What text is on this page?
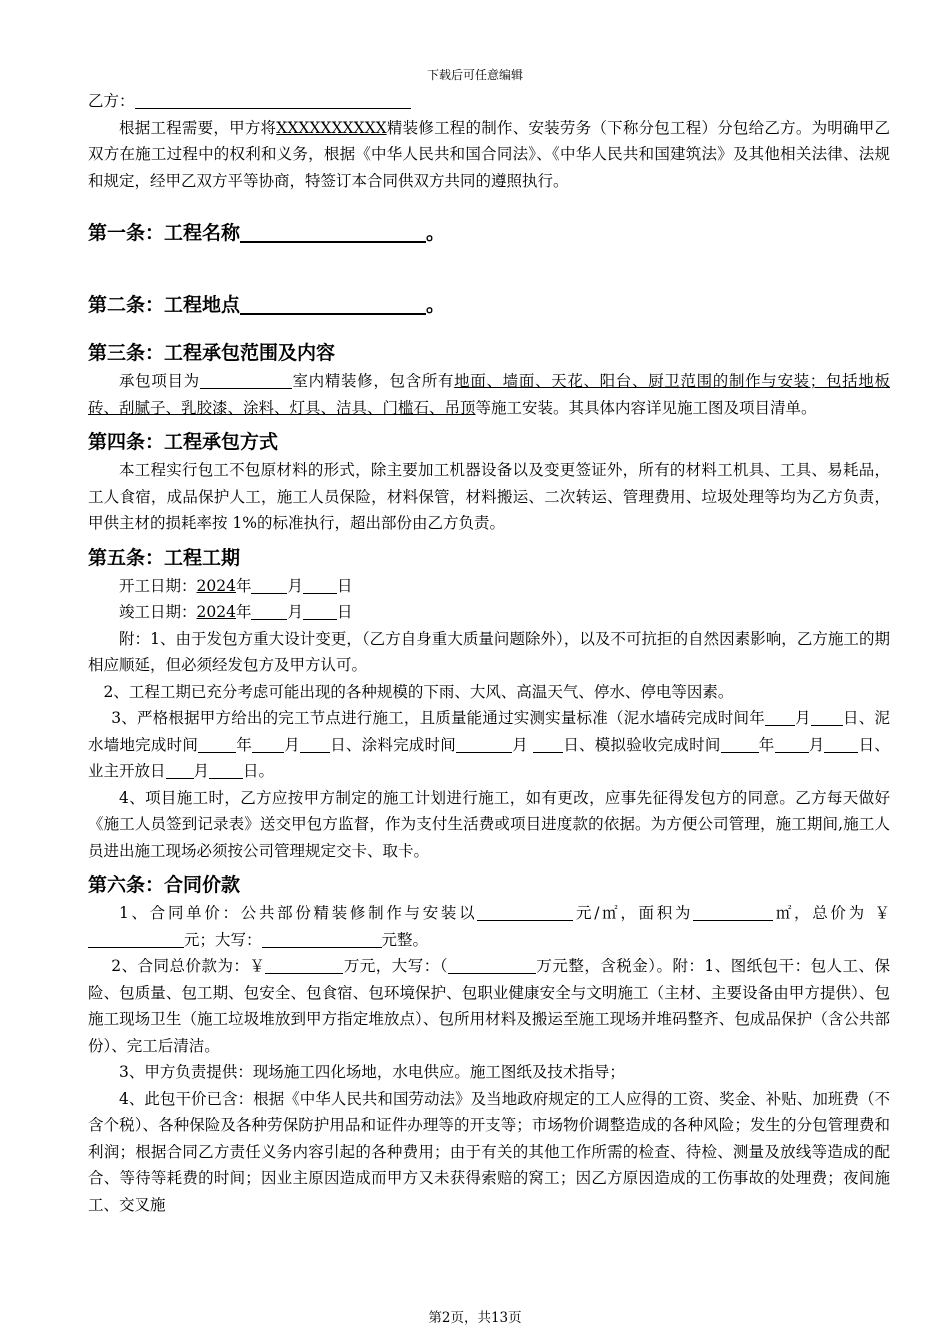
下载后可任意编辑

乙方：

根据工程需要，甲方将XXXXXXXXXX精装修工程的制作、安装劳务（下称分包工程）分包给乙方。为明确甲乙双方在施工过程中的权利和义务，根据《中华人民共和国合同法》、《中华人民共和国建筑法》及其他相关法律、法规和规定，经甲乙双方平等协商，特签订本合同供双方共同的遵照执行。

第一条：工程名称	。
第二条：工程地点	。
第三条：工程承包范围及内容

承包项目为	室内精装修，包含所有地面、墙面、天花、阳台、厨卫范围的制作与安装；包括地板砖、刮腻子、乳胶漆、涂料、灯具、洁具、门槛石、吊顶等施工安装。其具体内容详见施工图及项目清单。

第四条：工程承包方式

本工程实行包工不包原材料的形式，除主要加工机器设备以及变更签证外，所有的材料工机具、工具、易耗品，工人食宿，成品保护人工，施工人员保险，材料保管，材料搬运、二次转运、管理费用、垃圾处理等均为乙方负责，甲供主材的损耗率按 1%的标准执行，超出部份由乙方负责。

第五条：工程工期

开工日期：2024年 月 日

竣工日期：2024年 月 日

附：1、由于发包方重大设计变更，（乙方自身重大质量问题除外），以及不可抗拒的自然因素影响，乙方施工的期相应顺延，但必须经发包方及甲方认可。

2、工程工期已充分考虑可能出现的各种规模的下雨、大风、高温天气、停水、停电等因素。

3、严格根据甲方给出的完工节点进行施工，且质量能通过实测实量标准（泥水墙砖完成时间年 月 日、泥水墙地完成时间 年 月 日、涂料完成时间	月 日、模拟验收完成时间 年 月 日、业主开放日 月 日。

4、项目施工时，乙方应按甲方制定的施工计划进行施工，如有更改，应事先征得发包方的同意。乙方每天做好《施工人员签到记录表》送交甲包方监督，作为支付生活费或项目进度款的依据。为方便公司管理，施工期间,施工人员进出施工现场必须按公司管理规定交卡、取卡。

第六条：合同价款

1、合同单价：公共部份精装修制作与安装以	元/㎡，面积为	㎡，总价为 ￥元；大写：	元整。

2、合同总价款为：￥	万元，大写：（	万元整，含税金）。附：1、图纸包干：包人工、保险、包质量、包工期、包安全、包食宿、包环境保护、包职业健康安全与文明施工（主材、主要设备由甲方提供）、包施工现场卫生（施工垃圾堆放到甲方指定堆放点）、包所用材料及搬运至施工现场并堆码整齐、包成品保护（含公共部份）、完工后清洁。

3、甲方负责提供：现场施工四化场地，水电供应。施工图纸及技术指导；

4、此包干价已含：根据《中华人民共和国劳动法》及当地政府规定的工人应得的工资、奖金、补贴、加班费（不含个税）、各种保险及各种劳保防护用品和证件办理等的开支等；市场物价调整造成的各种风险；发生的分包管理费和利润；根据合同乙方责任义务内容引起的各种费用；由于有关的其他工作所需的检查、待检、测量及放线等造成的配合、等待等耗费的时间；因业主原因造成而甲方又未获得索赔的窝工；因乙方原因造成的工伤事故的处理费；夜间施工、交叉施

第2页，共13页
